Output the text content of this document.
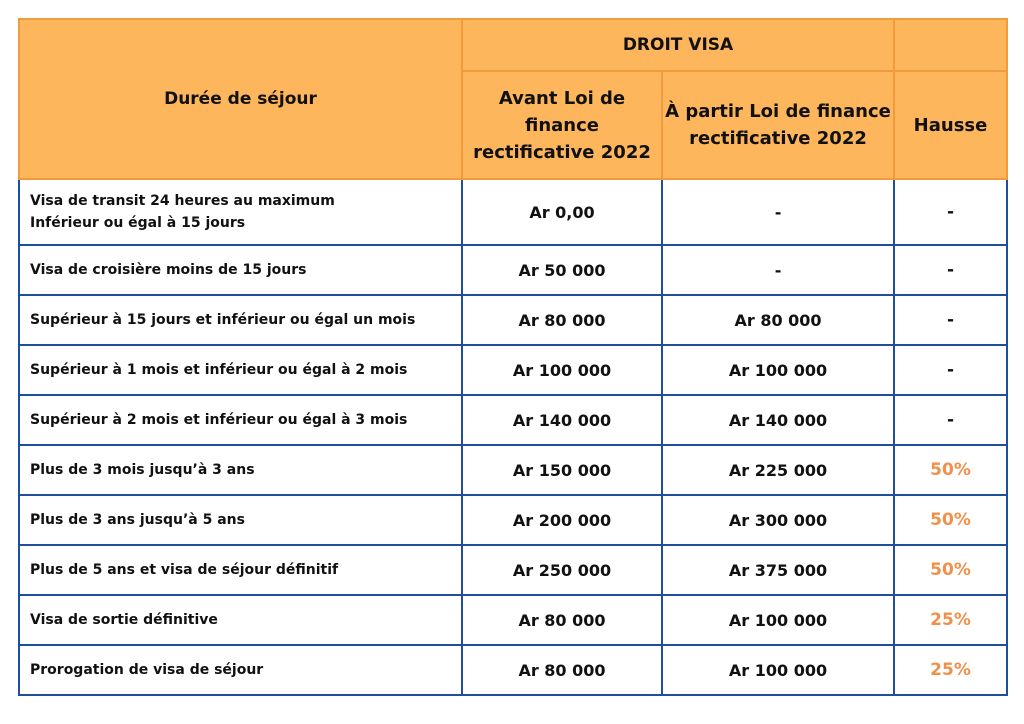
Durée de séjour	DROIT VISA		
	Avant Loi de finance rectificative 2022	À partir Loi de finance rectificative 2022	Hausse

Visa de transit 24 heures au maximum
Inférieur ou égal à 15 jours	Ar 0,00	-	-
Visa de croisière moins de 15 jours	Ar 50 000	-	-
Supérieur à 15 jours et inférieur ou égal un mois	Ar 80 000	Ar 80 000	-
Supérieur à 1 mois et inférieur ou égal à 2 mois	Ar 100 000	Ar 100 000	-
Supérieur à 2 mois et inférieur ou égal à 3 mois	Ar 140 000	Ar 140 000	-
Plus de 3 mois jusqu’à 3 ans	Ar 150 000	Ar 225 000	50%
Plus de 3 ans jusqu’à 5 ans	Ar 200 000	Ar 300 000	50%
Plus de 5 ans et visa de séjour définitif	Ar 250 000	Ar 375 000	50%
Visa de sortie définitive	Ar 80 000	Ar 100 000	25%
Prorogation de visa de séjour	Ar 80 000	Ar 100 000	25%
